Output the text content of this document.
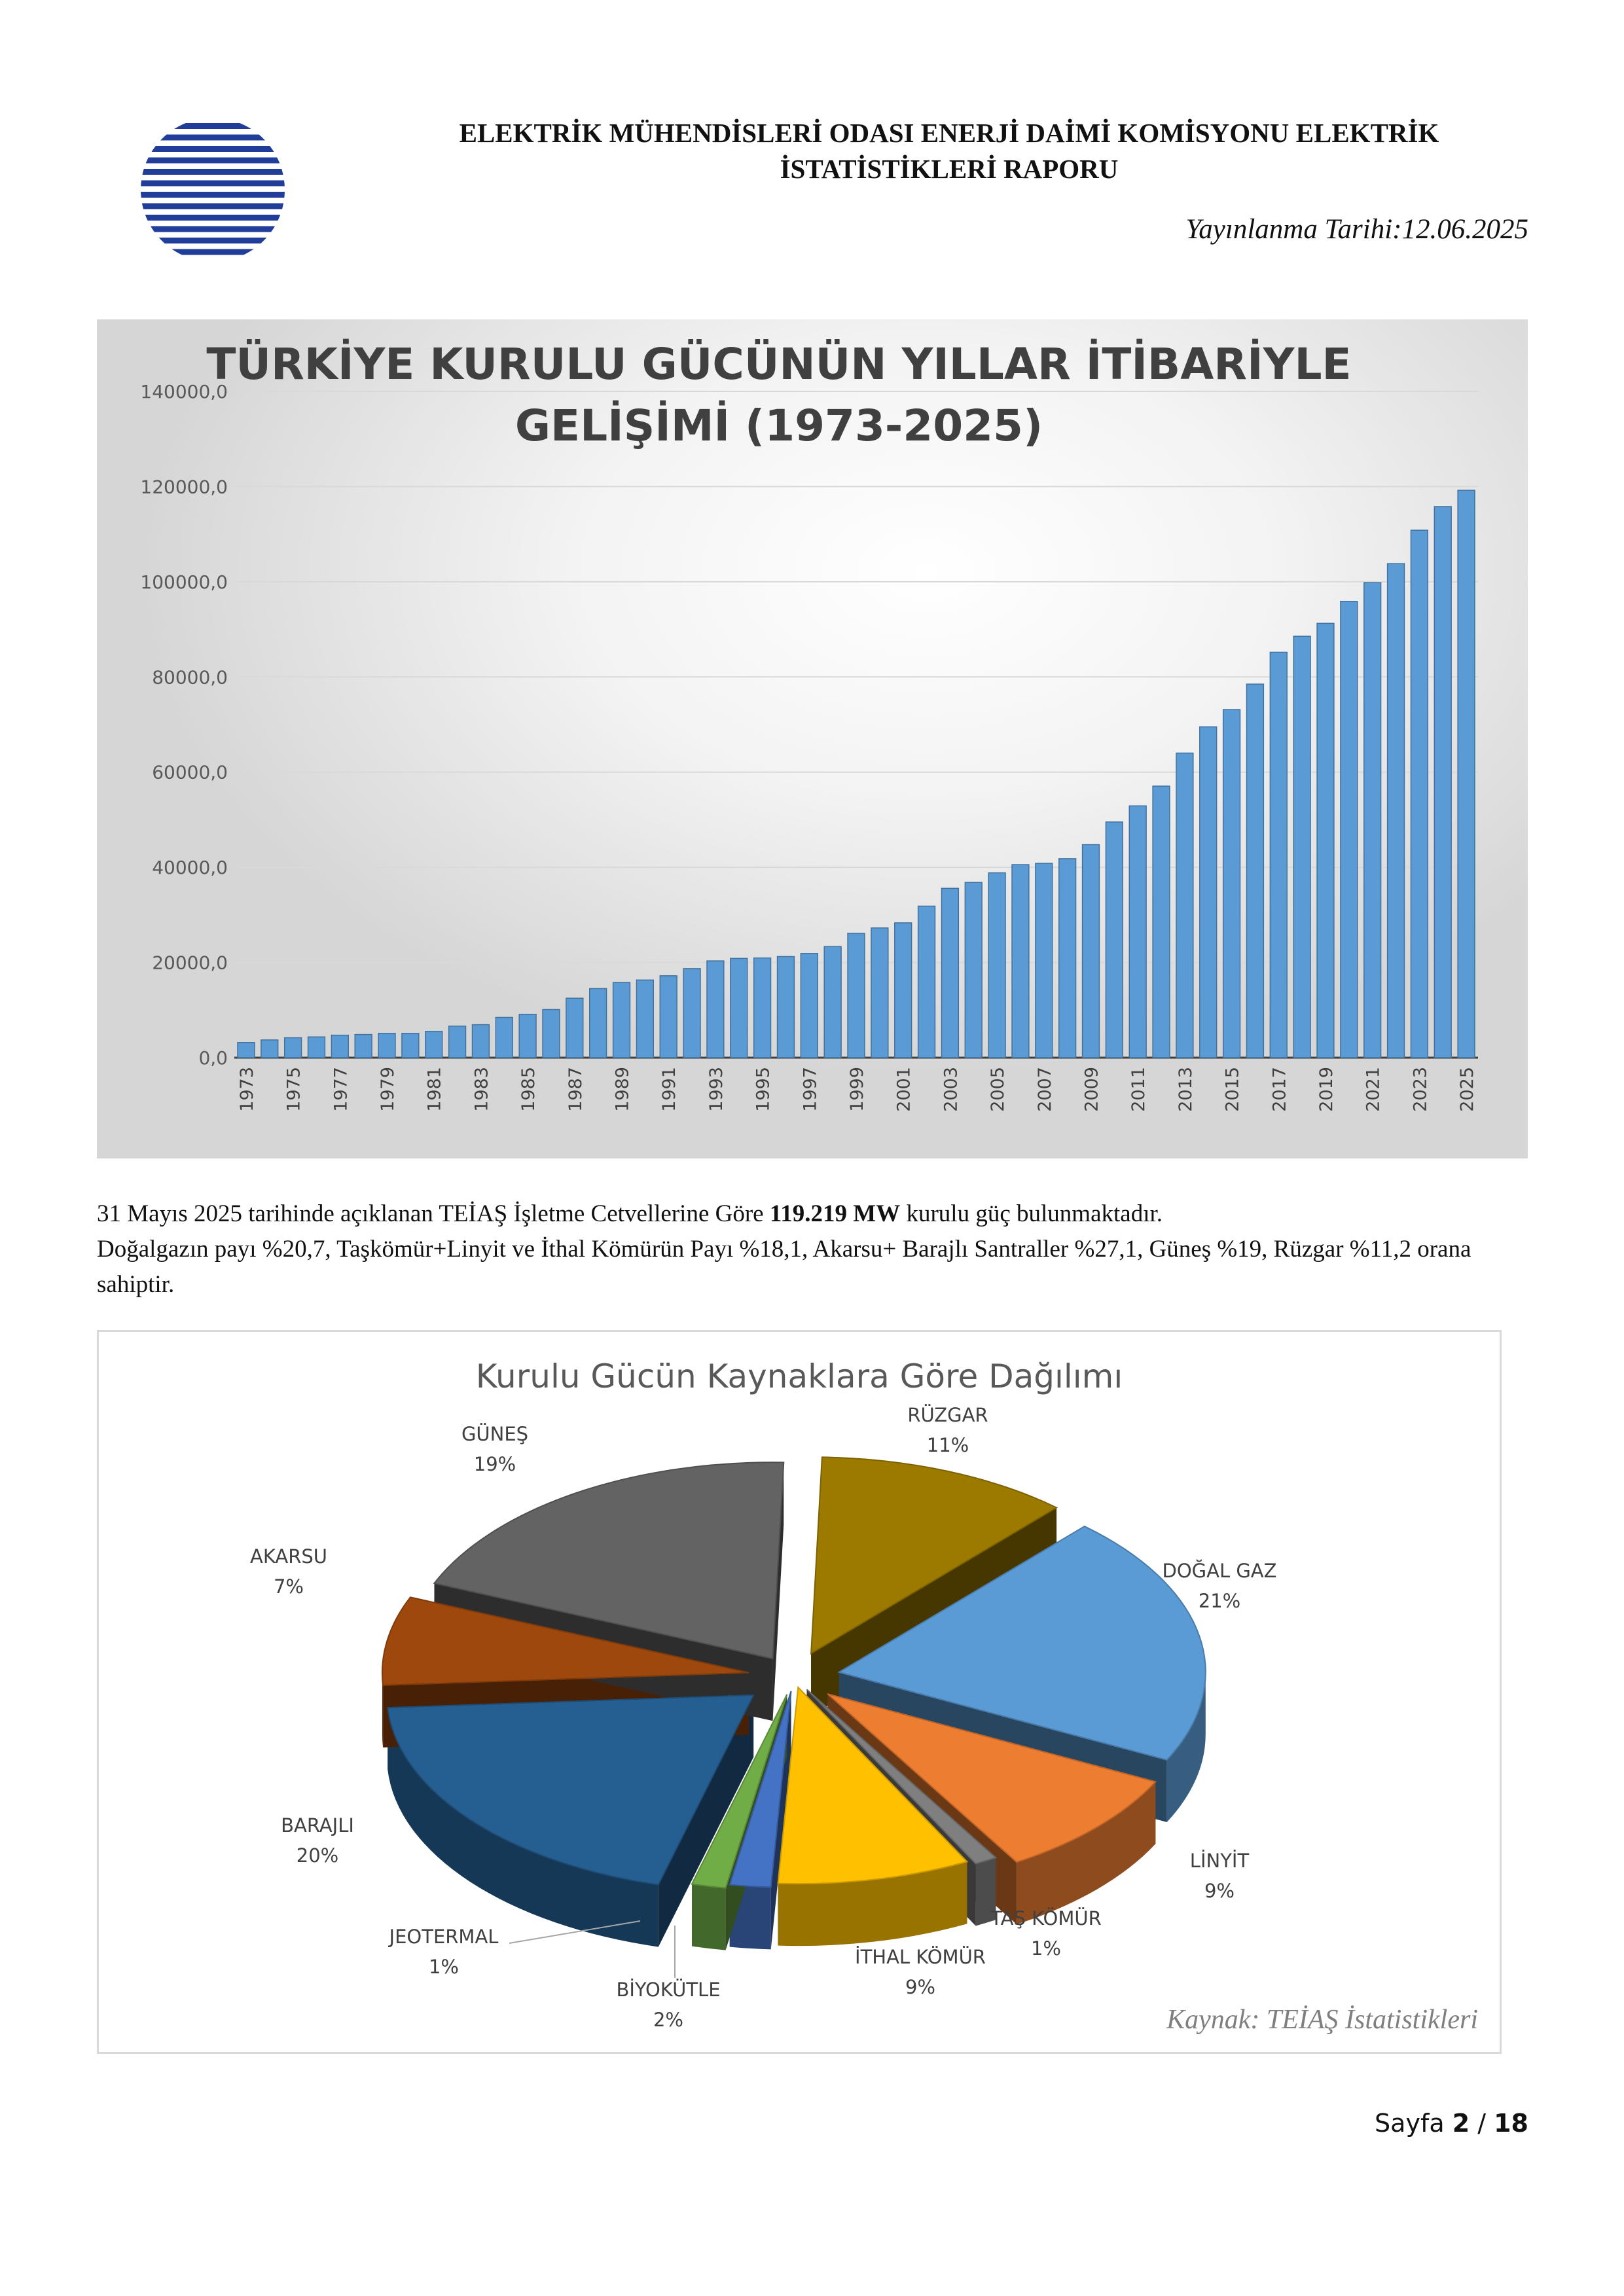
ELEKTRİK MÜHENDİSLERİ ODASI ENERJİ DAİMİ KOMİSYONU ELEKTRİK İSTATİSTİKLERİ RAPORU
Yayınlanma Tarihi:12.06.2025
TÜRKİYE KURULU GÜCÜNÜN YILLAR İTİBARİYLE GELİŞİMİ (1973-2025)
0,0
20000,0
40000,0
60000,0
80000,0
100000,0
120000,0
140000,0
1973 1975 1977 1979 1981 1983 1985 1987 1989 1991 1993 1995 1997 1999 2001 2003 2005 2007 2009 2011 2013 2015 2017 2019 2021 2023 2025

31 Mayıs 2025 tarihinde açıklanan TEİAŞ İşletme Cetvellerine Göre 119.219 MW kurulu güç bulunmaktadır.

Doğalgazın payı %20,7, Taşkömür+Linyit ve İthal Kömürün Payı %18,1, Akarsu+ Barajlı Santraller %27,1, Güneş %19, Rüzgar %11,2 orana sahiptir.

Kurulu Gücün Kaynaklara Göre Dağılımı
RÜZGAR
11%
DOĞAL GAZ
21%
LİNYİT
9%
TAŞ KÖMÜR
1%
İTHAL KÖMÜR
9%
BİYOKÜTLE
2%
JEOTERMAL
1%
BARAJLI
20%
AKARSU
7%
GÜNEŞ
19%
Kaynak: TEİAŞ İstatistikleri
Sayfa 2 / 18
